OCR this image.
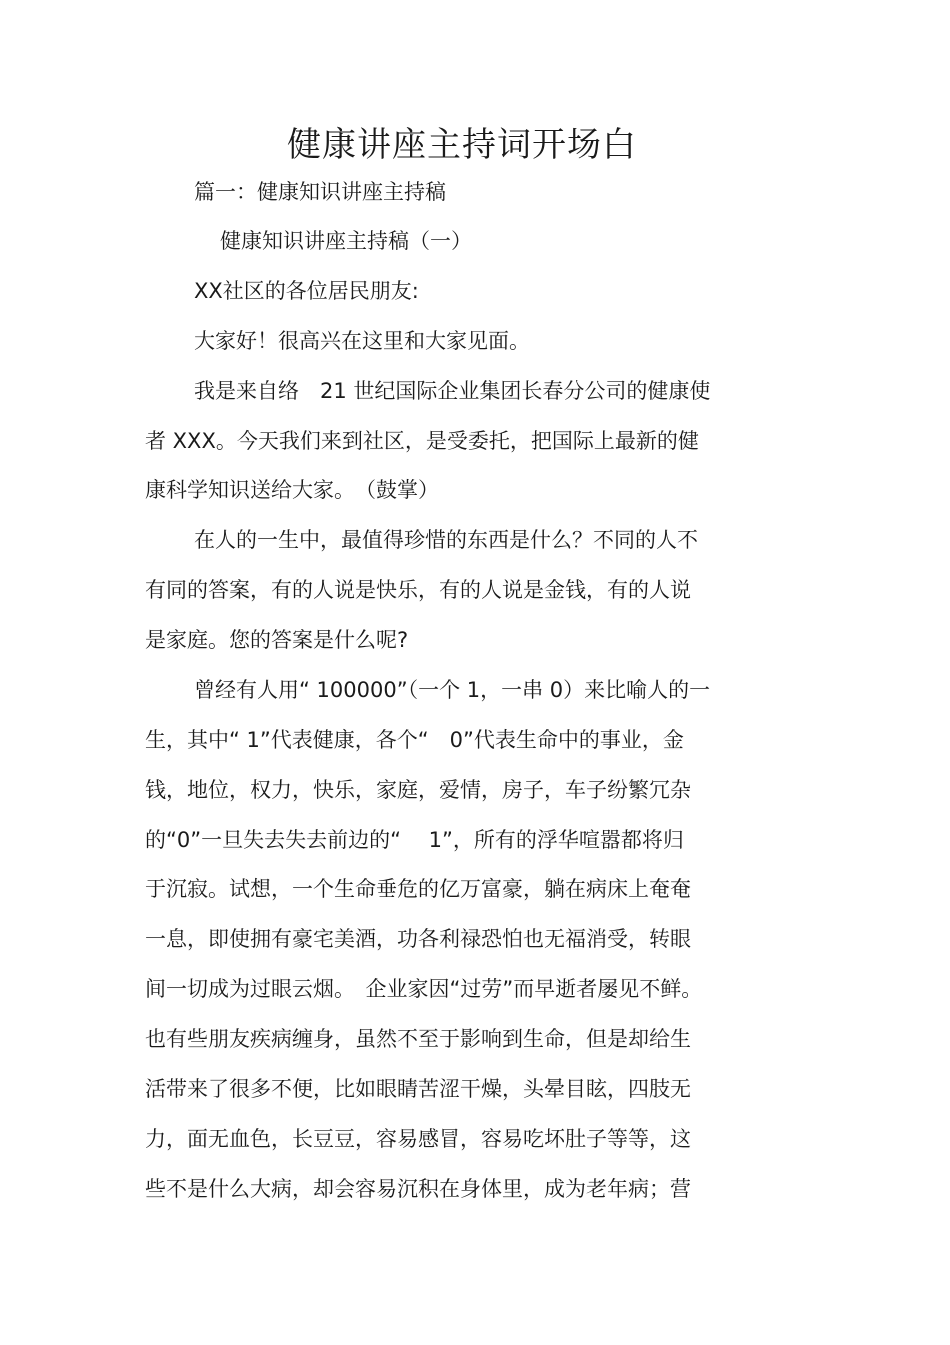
健康讲座主持词开场白
篇一：健康知识讲座主持稿
健康知识讲座主持稿（一）
XX社区的各位居民朋友:
大家好！很高兴在这里和大家见面。
我是来自络　21 世纪国际企业集团长春分公司的健康使
者 XXX。今天我们来到社区，是受委托，把国际上最新的健
康科学知识送给大家。　（鼓掌）
在人的一生中，最值得珍惜的东西是什么？不同的人不
有同的答案，有的人说是快乐，有的人说是金钱，有的人说
是家庭。您的答案是什么呢?
曾经有人用“ 100000”（一个 1，一串 0）来比喻人的一
生，其中“ 1”代表健康，各个“　0”代表生命中的事业，金
钱，地位，权力，快乐，家庭，爱情，房子，车子纷繁冗杂
的“0”一旦失去失去前边的“　 1”，所有的浮华喧嚣都将归
于沉寂。试想，一个生命垂危的亿万富豪，躺在病床上奄奄
一息，即使拥有豪宅美酒，功各利禄恐怕也无福消受，转眼
间一切成为过眼云烟。　企业家因“过劳”而早逝者屡见不鲜。
也有些朋友疾病缠身，虽然不至于影响到生命，但是却给生
活带来了很多不便，比如眼睛苦涩干燥，头晕目眩，四肢无
力，面无血色，长豆豆，容易感冒，容易吃坏肚子等等，这
些不是什么大病，却会容易沉积在身体里，成为老年病；营
